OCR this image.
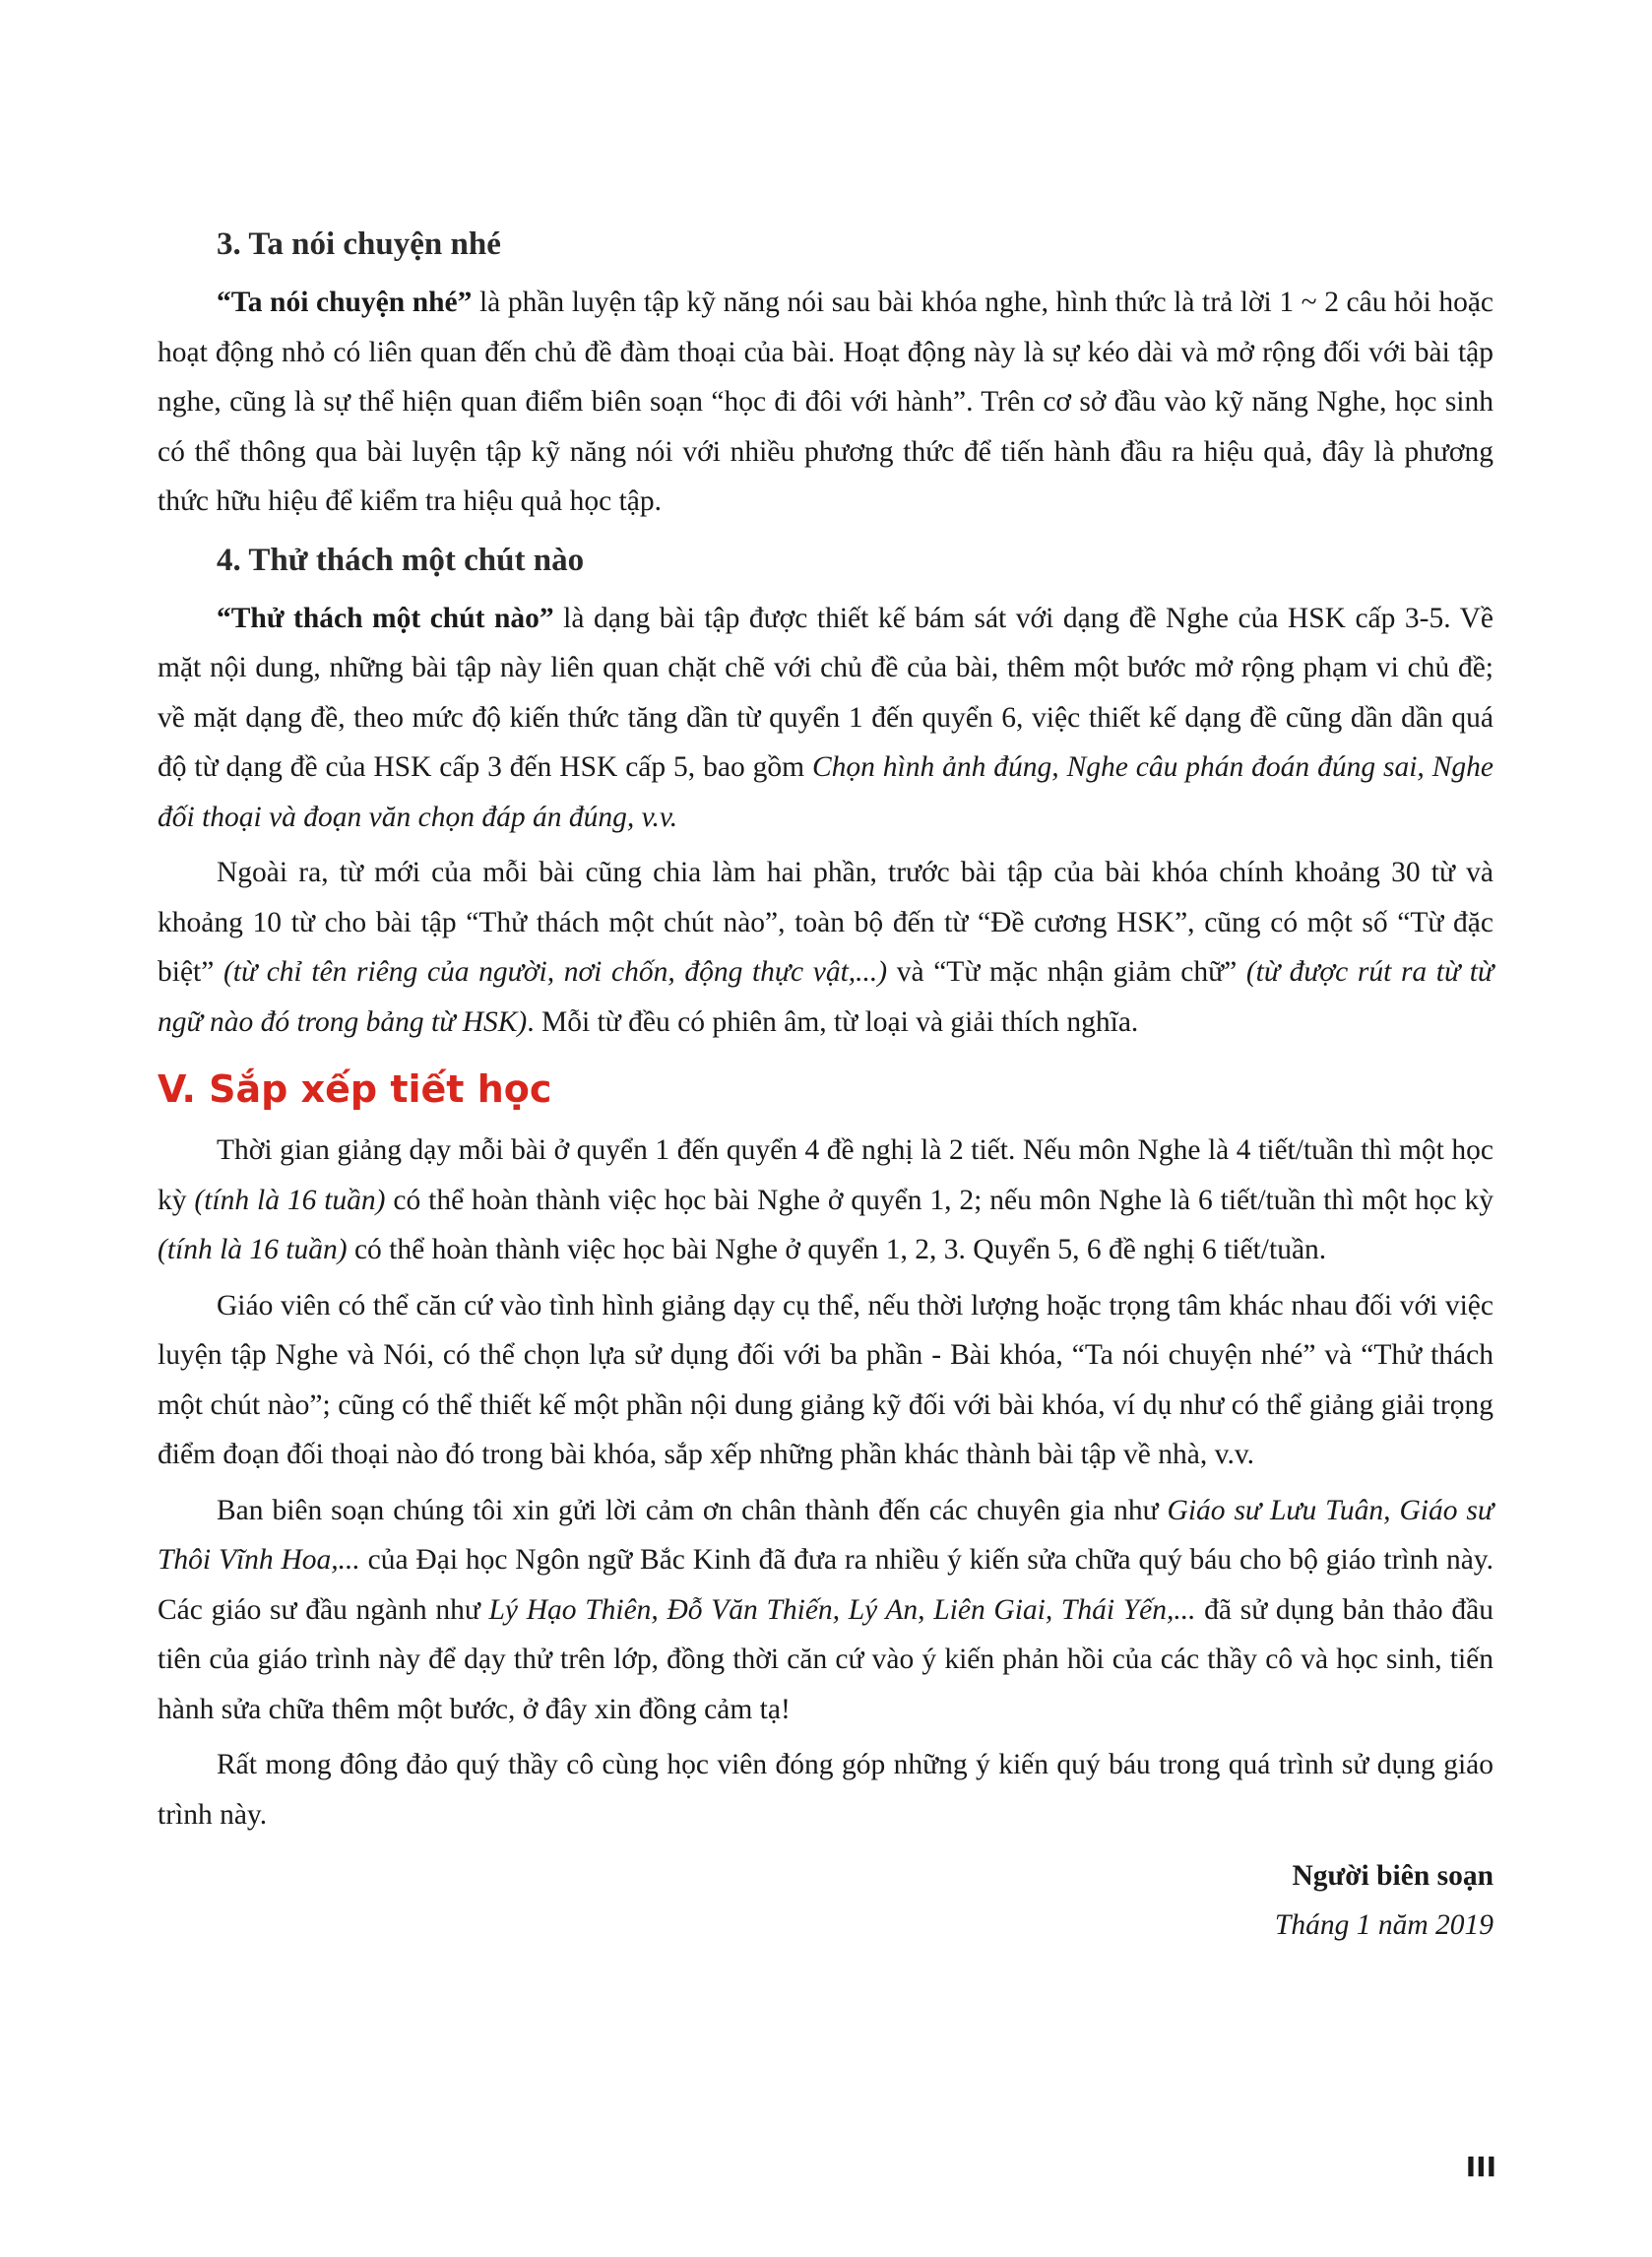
3. Ta nói chuyện nhé

“Ta nói chuyện nhé” là phần luyện tập kỹ năng nói sau bài khóa nghe, hình thức là trả lời 1 ~ 2 câu hỏi hoặc hoạt động nhỏ có liên quan đến chủ đề đàm thoại của bài. Hoạt động này là sự kéo dài và mở rộng đối với bài tập nghe, cũng là sự thể hiện quan điểm biên soạn “học đi đôi với hành”. Trên cơ sở đầu vào kỹ năng Nghe, học sinh có thể thông qua bài luyện tập kỹ năng nói với nhiều phương thức để tiến hành đầu ra hiệu quả, đây là phương thức hữu hiệu để kiểm tra hiệu quả học tập.

4. Thử thách một chút nào

“Thử thách một chút nào” là dạng bài tập được thiết kế bám sát với dạng đề Nghe của HSK cấp 3-5. Về mặt nội dung, những bài tập này liên quan chặt chẽ với chủ đề của bài, thêm một bước mở rộng phạm vi chủ đề; về mặt dạng đề, theo mức độ kiến thức tăng dần từ quyển 1 đến quyển 6, việc thiết kế dạng đề cũng dần dần quá độ từ dạng đề của HSK cấp 3 đến HSK cấp 5, bao gồm Chọn hình ảnh đúng, Nghe câu phán đoán đúng sai, Nghe đối thoại và đoạn văn chọn đáp án đúng, v.v.

Ngoài ra, từ mới của mỗi bài cũng chia làm hai phần, trước bài tập của bài khóa chính khoảng 30 từ và khoảng 10 từ cho bài tập “Thử thách một chút nào”, toàn bộ đến từ “Đề cương HSK”, cũng có một số “Từ đặc biệt” (từ chỉ tên riêng của người, nơi chốn, động thực vật,...) và “Từ mặc nhận giảm chữ” (từ được rút ra từ từ ngữ nào đó trong bảng từ HSK). Mỗi từ đều có phiên âm, từ loại và giải thích nghĩa.

V. Sắp xếp tiết học

Thời gian giảng dạy mỗi bài ở quyển 1 đến quyển 4 đề nghị là 2 tiết. Nếu môn Nghe là 4 tiết/tuần thì một học kỳ (tính là 16 tuần) có thể hoàn thành việc học bài Nghe ở quyển 1, 2; nếu môn Nghe là 6 tiết/tuần thì một học kỳ (tính là 16 tuần) có thể hoàn thành việc học bài Nghe ở quyển 1, 2, 3. Quyển 5, 6 đề nghị 6 tiết/tuần.

Giáo viên có thể căn cứ vào tình hình giảng dạy cụ thể, nếu thời lượng hoặc trọng tâm khác nhau đối với việc luyện tập Nghe và Nói, có thể chọn lựa sử dụng đối với ba phần - Bài khóa, “Ta nói chuyện nhé” và “Thử thách một chút nào”; cũng có thể thiết kế một phần nội dung giảng kỹ đối với bài khóa, ví dụ như có thể giảng giải trọng điểm đoạn đối thoại nào đó trong bài khóa, sắp xếp những phần khác thành bài tập về nhà, v.v.

Ban biên soạn chúng tôi xin gửi lời cảm ơn chân thành đến các chuyên gia như Giáo sư Lưu Tuân, Giáo sư Thôi Vĩnh Hoa,... của Đại học Ngôn ngữ Bắc Kinh đã đưa ra nhiều ý kiến sửa chữa quý báu cho bộ giáo trình này. Các giáo sư đầu ngành như Lý Hạo Thiên, Đỗ Văn Thiến, Lý An, Liên Giai, Thái Yến,... đã sử dụng bản thảo đầu tiên của giáo trình này để dạy thử trên lớp, đồng thời căn cứ vào ý kiến phản hồi của các thầy cô và học sinh, tiến hành sửa chữa thêm một bước, ở đây xin đồng cảm tạ!

Rất mong đông đảo quý thầy cô cùng học viên đóng góp những ý kiến quý báu trong quá trình sử dụng giáo trình này.

Người biên soạn
Tháng 1 năm 2019
III
